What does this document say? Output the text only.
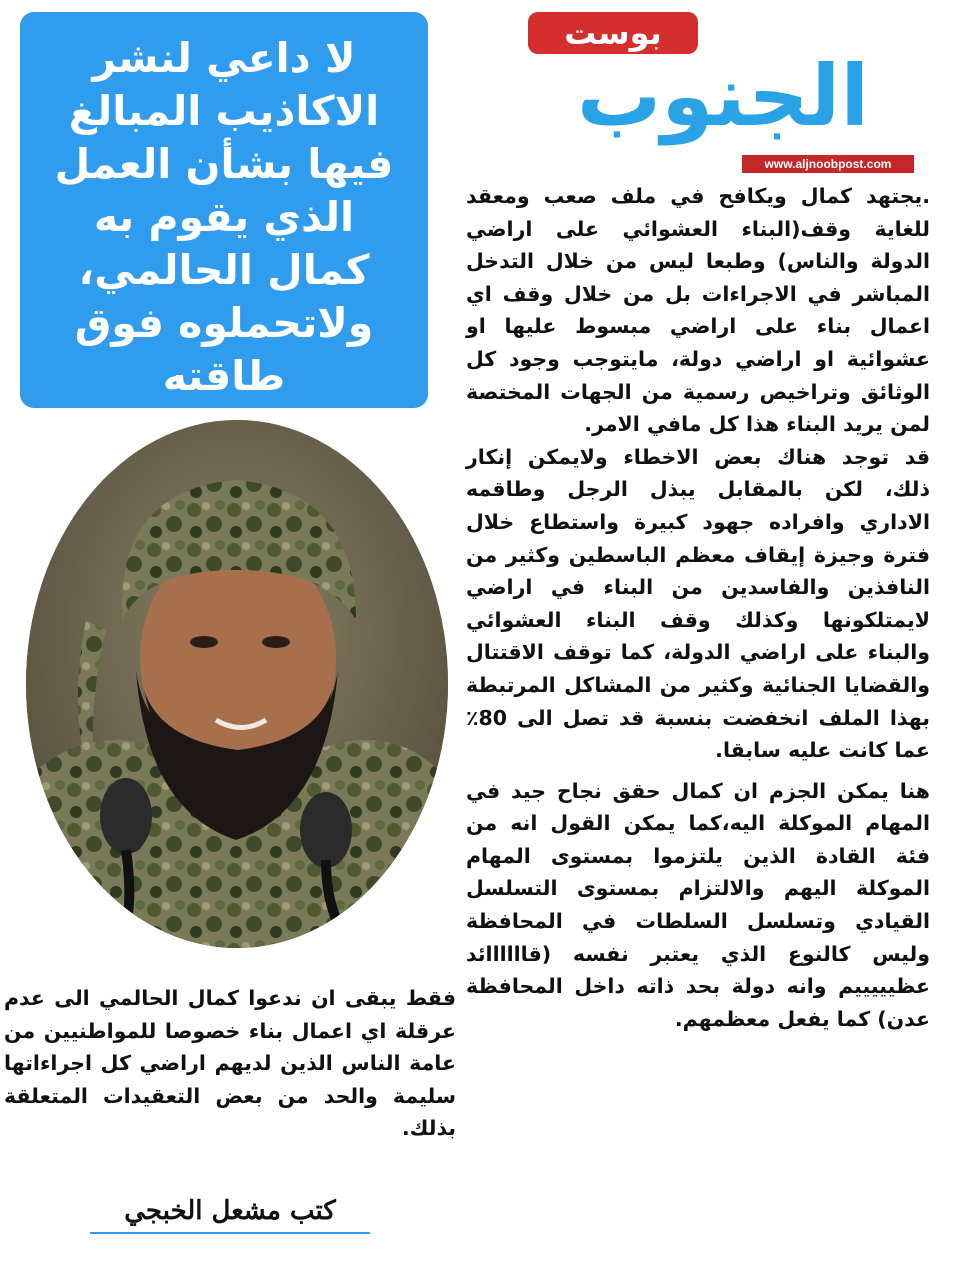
بوست
الجنوب
www.aljnoobpost.com

لا داعي لنشر الاكاذيب المبالغ فيها بشأن العمل الذي يقوم به كمال الحالمي، ولاتحملوه فوق طاقته

.يجتهد كمال ويكافح في ملف صعب ومعقد للغاية وقف(البناء العشوائي على اراضي الدولة والناس) وطبعا ليس من خلال التدخل المباشر في الاجراءات بل من خلال وقف اي اعمال بناء على اراضي مبسوط عليها او عشوائية او اراضي دولة، مايتوجب وجود كل الوثائق وتراخيص رسمية من الجهات المختصة لمن يريد البناء هذا كل مافي الامر.

قد توجد هناك بعض الاخطاء ولايمكن إنكار ذلك، لكن بالمقابل يبذل الرجل وطاقمه الاداري وافراده جهود كبيرة واستطاع خلال فترة وجيزة إيقاف معظم الباسطين وكثير من النافذين والفاسدين من البناء في اراضي لايمتلكونها وكذلك وقف البناء العشوائي والبناء على اراضي الدولة، كما توقف الاقتتال والقضايا الجنائية وكثير من المشاكل المرتبطة بهذا الملف انخفضت بنسبة قد تصل الى 80٪ عما كانت عليه سابقا.

هنا يمكن الجزم ان كمال حقق نجاح جيد في المهام الموكلة اليه،كما يمكن القول انه من فئة القادة الذين يلتزموا بمستوى المهام الموكلة اليهم والالتزام بمستوى التسلسل القيادي وتسلسل السلطات في المحافظة وليس كالنوع الذي يعتبر نفسه (قاااااائد عظيييييم وانه دولة بحد ذاته داخل المحافظة عدن) كما يفعل معظمهم.

فقط يبقى ان ندعوا كمال الحالمي الى عدم عرقلة اي اعمال بناء خصوصا للمواطنيين من عامة الناس الذين لديهم اراضي كل اجراءاتها سليمة والحد من بعض التعقيدات المتعلقة بذلك.

كتب مشعل الخبجي
